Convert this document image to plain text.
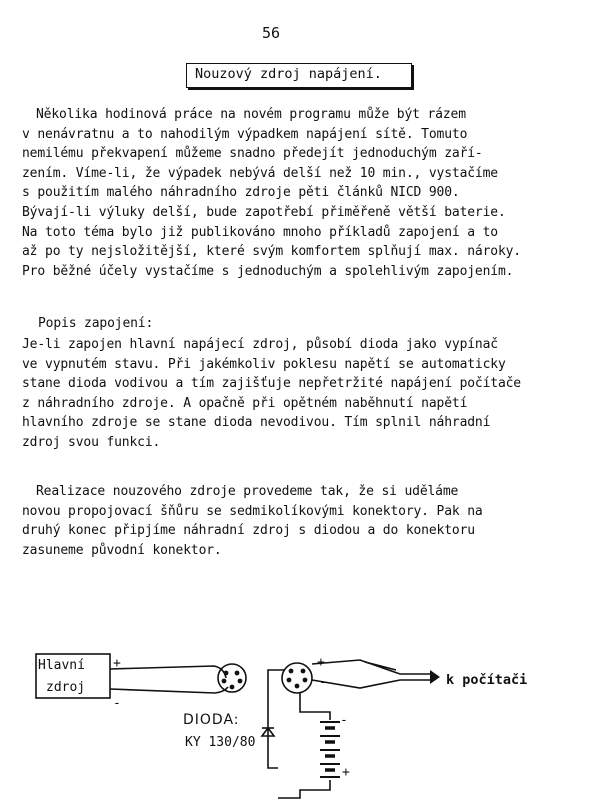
56
Nouzový zdroj napájení.
Několika hodinová práce na novém programu může být rázem
v nenávratnu a to nahodilým výpadkem napájení sítě. Tomuto
nemilému překvapení můžeme snadno předejít jednoduchým zaří-
zením. Víme-li, že výpadek nebývá delší než 10 min., vystačíme
s použitím malého náhradního zdroje pěti článků NICD 900.
Bývají-li výluky delší, bude zapotřebí přiměřeně větší baterie.
Na toto téma bylo již publikováno mnoho příkladů zapojení a to
až po ty nejsložitější, které svým komfortem splňují max. nároky.
Pro běžné účely vystačíme s jednoduchým a spolehlivým zapojením.
Popis zapojení:
Je-li zapojen hlavní napájecí zdroj, působí dioda jako vypínač
ve vypnutém stavu. Při jakémkoliv poklesu napětí se automaticky
stane dioda vodivou a tím zajišťuje nepřetržité napájení počítače
z náhradního zdroje. A opačně při opětném naběhnutí napětí
hlavního zdroje se stane dioda nevodivou. Tím splnil náhradní
zdroj svou funkci.
Realizace nouzového zdroje provedeme tak, že si uděláme
novou propojovací šňůru se sedmikolíkovými konektory. Pak na
druhý konec připjíme náhradní zdroj s diodou a do konektoru
zasuneme původní konektor.
+
-
+
-
-
+
Hlavní
zdroj
DIODA:
KY 130/80
k počítači
